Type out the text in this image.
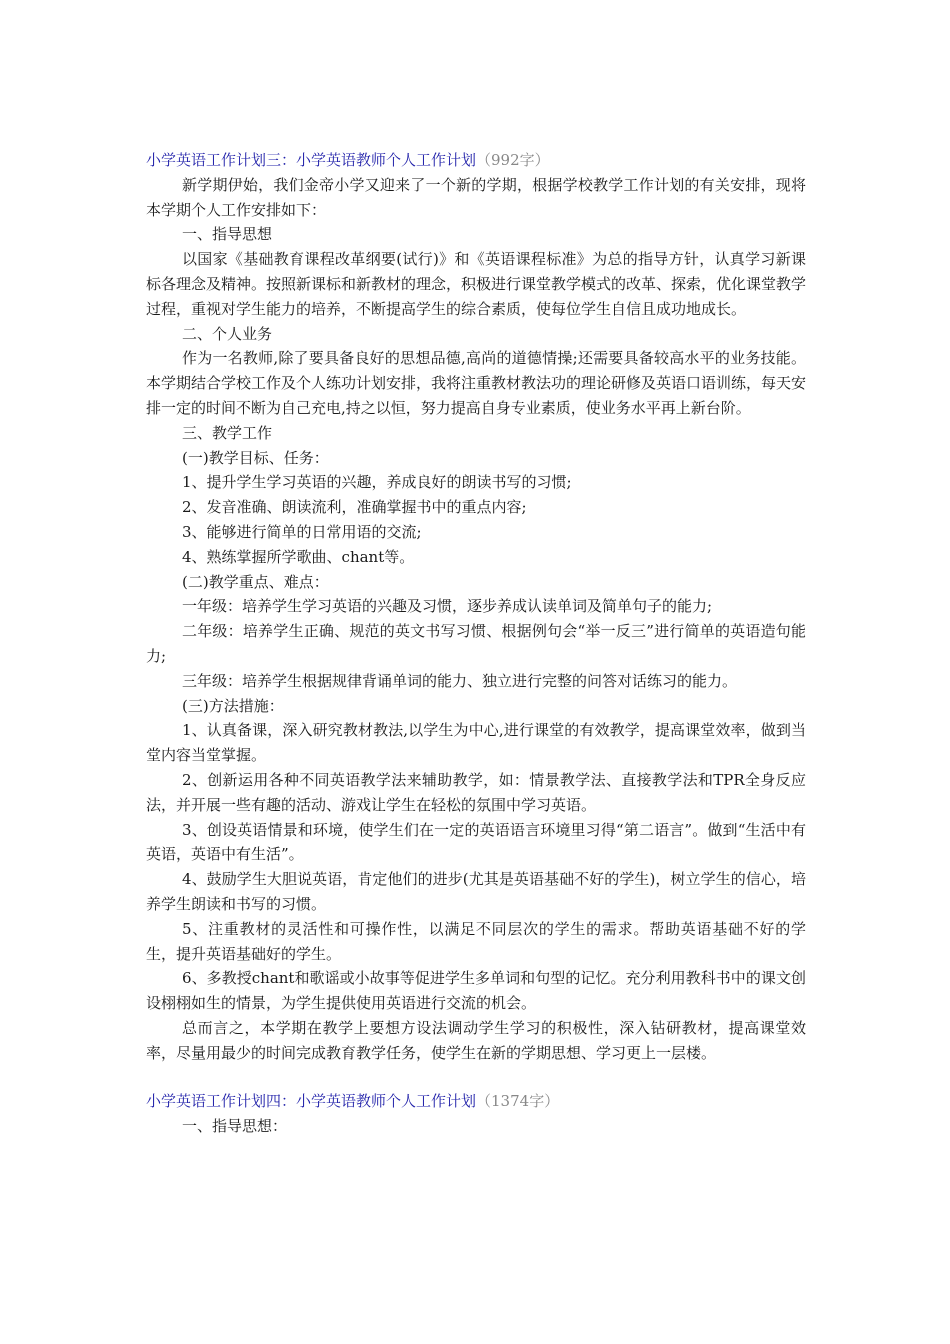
小学英语工作计划三：小学英语教师个人工作计划（992字）

新学期伊始，我们金帝小学又迎来了一个新的学期，根据学校教学工作计划的有关安排，现将本学期个人工作安排如下：

一、指导思想

以国家《基础教育课程改革纲要(试行)》和《英语课程标准》为总的指导方针，认真学习新课标各理念及精神。按照新课标和新教材的理念，积极进行课堂教学模式的改革、探索，优化课堂教学过程，重视对学生能力的培养，不断提高学生的综合素质，使每位学生自信且成功地成长。

二、个人业务

作为一名教师,除了要具备良好的思想品德,高尚的道德情操;还需要具备较高水平的业务技能。本学期结合学校工作及个人练功计划安排，我将注重教材教法功的理论研修及英语口语训练，每天安排一定的时间不断为自己充电,持之以恒，努力提高自身专业素质，使业务水平再上新台阶。

三、教学工作

(一)教学目标、任务：

1、提升学生学习英语的兴趣，养成良好的朗读书写的习惯;

2、发音准确、朗读流利，准确掌握书中的重点内容;

3、能够进行简单的日常用语的交流;

4、熟练掌握所学歌曲、chant等。

(二)教学重点、难点：

一年级：培养学生学习英语的兴趣及习惯，逐步养成认读单词及简单句子的能力;

二年级：培养学生正确、规范的英文书写习惯、根据例句会“举一反三”进行简单的英语造句能力;

三年级：培养学生根据规律背诵单词的能力、独立进行完整的问答对话练习的能力。

(三)方法措施：

1、认真备课，深入研究教材教法,以学生为中心,进行课堂的有效教学，提高课堂效率，做到当堂内容当堂掌握。

2、创新运用各种不同英语教学法来辅助教学，如：情景教学法、直接教学法和TPR全身反应法，并开展一些有趣的活动、游戏让学生在轻松的氛围中学习英语。

3、创设英语情景和环境，使学生们在一定的英语语言环境里习得“第二语言”。做到“生活中有英语，英语中有生活”。

4、鼓励学生大胆说英语，肯定他们的进步(尤其是英语基础不好的学生)，树立学生的信心，培养学生朗读和书写的习惯。

5、注重教材的灵活性和可操作性，以满足不同层次的学生的需求。帮助英语基础不好的学生，提升英语基础好的学生。

6、多教授chant和歌谣或小故事等促进学生多单词和句型的记忆。充分利用教科书中的课文创设栩栩如生的情景，为学生提供使用英语进行交流的机会。

总而言之，本学期在教学上要想方设法调动学生学习的积极性，深入钻研教材，提高课堂效率，尽量用最少的时间完成教育教学任务，使学生在新的学期思想、学习更上一层楼。

小学英语工作计划四：小学英语教师个人工作计划（1374字）

一、指导思想：
